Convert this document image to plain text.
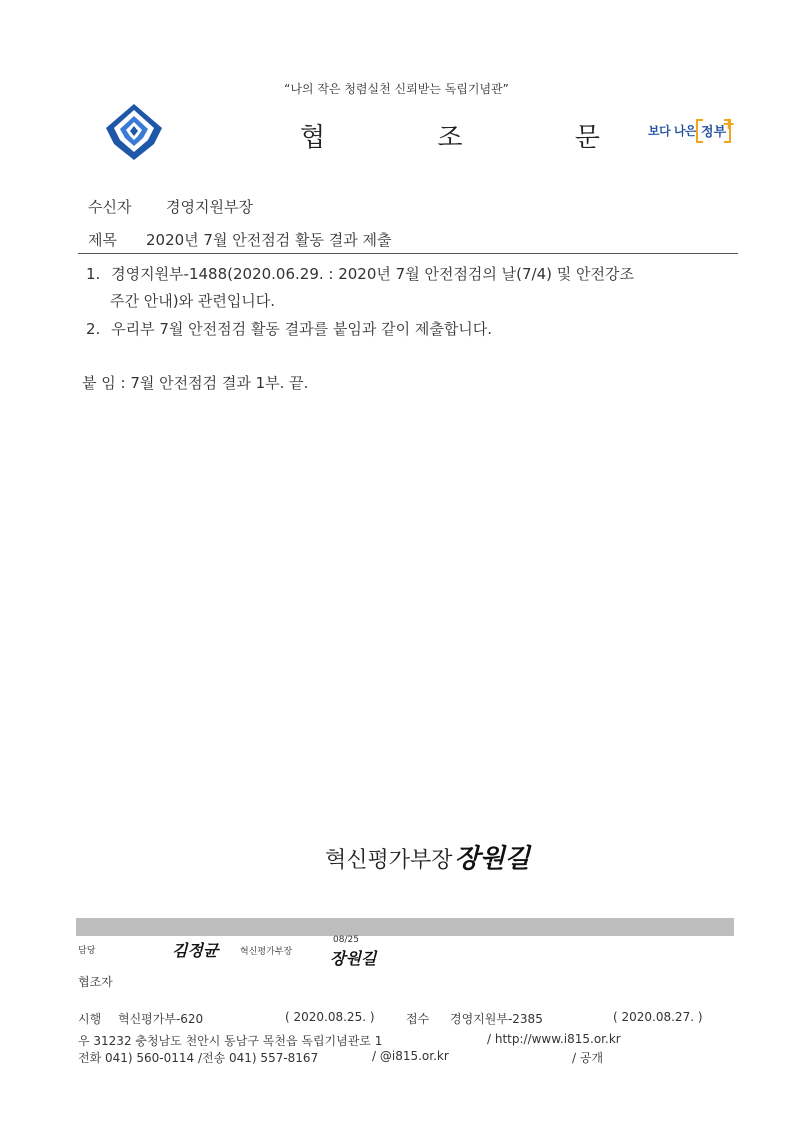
“나의 작은 청렴실천 신뢰받는 독립기념관”
협 조 문
보다 나은 정부
+
수신자 경영지원부장
제목 2020년 7월 안전점검 활동 결과 제출
1. 경영지원부-1488(2020.06.29. : 2020년 7월 안전점검의 날(7/4) 및 안전강조
주간 안내)와 관련입니다.
2. 우리부 7월 안전점검 활동 결과를 붙임과 같이 제출합니다.
붙 임 : 7월 안전점검 결과 1부. 끝.
혁신평가부장장원길
담당	김정균 혁신평가부장
08/25
장원길
협조자
시행 혁신평가부-620	( 2020.08.25. )	접수 경영지원부-2385	( 2020.08.27. )
우 31232 충청남도 천안시 동남구 목천읍 독립기념관로 1	/ http://www.i815.or.kr
전화 041) 560-0114 /전송 041) 557-8167	/ @i815.or.kr	/ 공개
